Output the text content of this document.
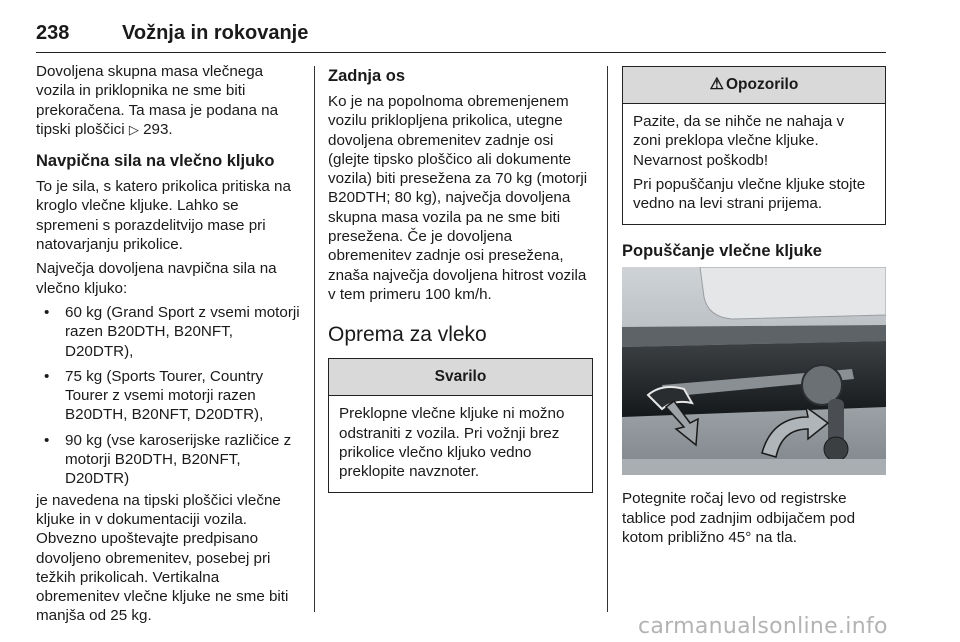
238	Vožnja in rokovanje

Dovoljena skupna masa vlečnega vozila in priklopnika ne sme biti prekoračena. Ta masa je podana na tipski ploščici ▷ 293.

Navpična sila na vlečno kljuko

To je sila, s katero prikolica pritiska na kroglo vlečne kljuke. Lahko se spremeni s porazdelitvijo mase pri natovarjanju prikolice.

Največja dovoljena navpična sila na vlečno kljuko:

• 60 kg (Grand Sport z vsemi motorji razen B20DTH, B20NFT, D20DTR),
• 75 kg (Sports Tourer, Country Tourer z vsemi motorji razen B20DTH, B20NFT, D20DTR),
• 90 kg (vse karoserijske različice z motorji B20DTH, B20NFT, D20DTR)

je navedena na tipski ploščici vlečne kljuke in v dokumentaciji vozila. Obvezno upoštevajte predpisano dovoljeno obremenitev, posebej pri težkih prikolicah. Vertikalna obremenitev vlečne kljuke ne sme biti manjša od 25 kg.

Zadnja os

Ko je na popolnoma obremenjenem vozilu priklopljena prikolica, utegne dovoljena obremenitev zadnje osi (glejte tipsko ploščico ali dokumente vozila) biti presežena za 70 kg (motorji B20DTH; 80 kg), največja dovoljena skupna masa vozila pa ne sme biti presežena. Če je dovoljena obremenitev zadnje osi presežena, znaša največja dovoljena hitrost vozila v tem primeru 100 km/h.

Oprema za vleko
Svarilo

Preklopne vlečne kljuke ni možno odstraniti z vozila. Pri vožnji brez prikolice vlečno kljuko vedno preklopite navznoter.

⚠ Opozorilo

Pazite, da se nihče ne nahaja v zoni preklopa vlečne kljuke. Nevarnost poškodb!

Pri popuščanju vlečne kljuke stojte vedno na levi strani prijema.

Popuščanje vlečne kljuke

Potegnite ročaj levo od registrske tablice pod zadnjim odbijačem pod kotom približno 45° na tla.

carmanualsonline.info
